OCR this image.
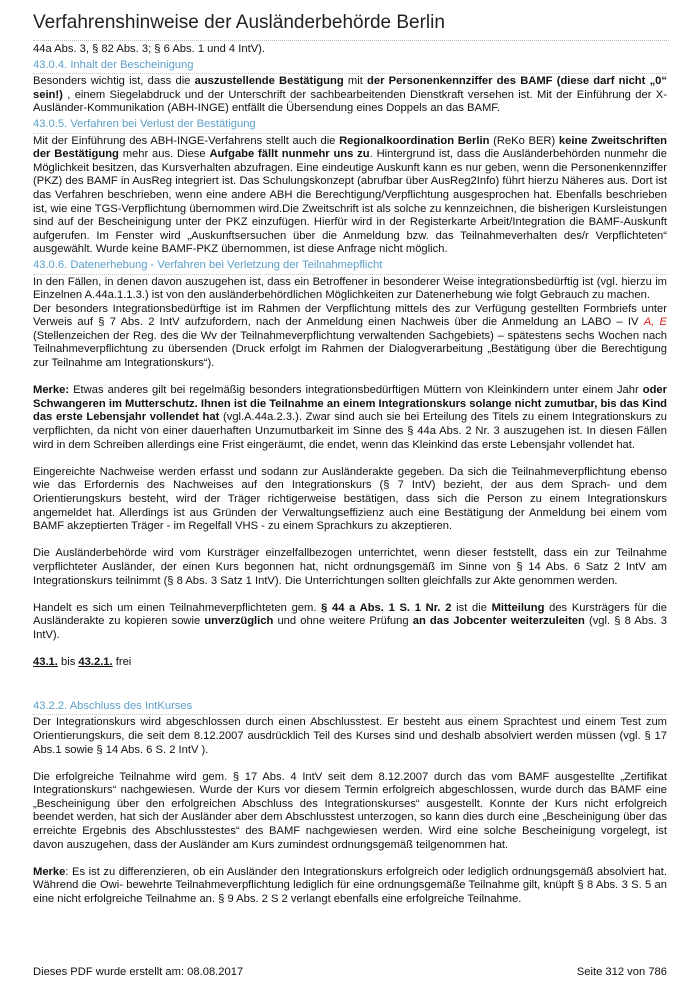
Verfahrenshinweise der Ausländerbehörde Berlin

44a Abs. 3, § 82 Abs. 3; § 6 Abs. 1 und 4 IntV).

43.0.4. Inhalt der Bescheinigung

Besonders wichtig ist, dass die auszustellende Bestätigung mit der Personenkennziffer des BAMF (diese darf nicht „0“ sein!) , einem Siegelabdruck und der Unterschrift der sachbearbeitenden Dienstkraft versehen ist. Mit der Einführung der X-Ausländer-Kommunikation (ABH-INGE) entfällt die Übersendung eines Doppels an das BAMF.

43.0.5. Verfahren bei Verlust der Bestätigung

Mit der Einführung des ABH-INGE-Verfahrens stellt auch die Regionalkoordination Berlin (ReKo BER) keine Zweitschriften der Bestätigung mehr aus. Diese Aufgabe fällt nunmehr uns zu. Hintergrund ist, dass die Ausländerbehörden nunmehr die Möglichkeit besitzen, das Kursverhalten abzufragen. Eine eindeutige Auskunft kann es nur geben, wenn die Personenkennziffer (PKZ) des BAMF in AusReg integriert ist. Das Schulungskonzept (abrufbar über AusReg2Info) führt hierzu Näheres aus. Dort ist das Verfahren beschrieben, wenn eine andere ABH die Berechtigung/Verpflichtung ausgesprochen hat. Ebenfalls beschrieben ist, wie eine TGS-Verpflichtung übernommen wird.Die Zweitschrift ist als solche zu kennzeichnen, die bisherigen Kursleistungen sind auf der Bescheinigung unter der PKZ einzufügen. Hierfür wird in der Registerkarte Arbeit/Integration die BAMF-Auskunft aufgerufen. Im Fenster wird „Auskunftsersuchen über die Anmeldung bzw. das Teilnahmeverhalten des/r Verpflichteten“ ausgewählt. Wurde keine BAMF-PKZ übernommen, ist diese Anfrage nicht möglich.

43.0.6. Datenerhebung - Verfahren bei Verletzung der Teilnahmepflicht

In den Fällen, in denen davon auszugehen ist, dass ein Betroffener in besonderer Weise integrationsbedürftig ist (vgl. hierzu im Einzelnen A.44a.1.1.3.) ist von den ausländerbehördlichen Möglichkeiten zur Datenerhebung wie folgt Gebrauch zu machen.

Der besonders Integrationsbedürftige ist im Rahmen der Verpflichtung mittels des zur Verfügung gestellten Formbriefs unter Verweis auf § 7 Abs. 2 IntV aufzufordern, nach der Anmeldung einen Nachweis über die Anmeldung an LABO – IV A, E (Stellenzeichen der Reg. des die Wv der Teilnahmeverpflichtung verwaltenden Sachgebiets) – spätestens sechs Wochen nach Teilnahmeverpflichtung zu übersenden (Druck erfolgt im Rahmen der Dialogverarbeitung „Bestätigung über die Berechtigung zur Teilnahme am Integrationskurs“).

Merke: Etwas anderes gilt bei regelmäßig besonders integrationsbedürftigen Müttern von Kleinkindern unter einem Jahr oder Schwangeren im Mutterschutz. Ihnen ist die Teilnahme an einem Integrationskurs solange nicht zumutbar, bis das Kind das erste Lebensjahr vollendet hat (vgl.A.44a.2.3.). Zwar sind auch sie bei Erteilung des Titels zu einem Integrationskurs zu verpflichten, da nicht von einer dauerhaften Unzumutbarkeit im Sinne des § 44a Abs. 2 Nr. 3 auszugehen ist. In diesen Fällen wird in dem Schreiben allerdings eine Frist eingeräumt, die endet, wenn das Kleinkind das erste Lebensjahr vollendet hat.

Eingereichte Nachweise werden erfasst und sodann zur Ausländerakte gegeben. Da sich die Teilnahmeverpflichtung ebenso wie das Erfordernis des Nachweises auf den Integrationskurs (§ 7 IntV) bezieht, der aus dem Sprach- und dem Orientierungskurs besteht, wird der Träger richtigerweise bestätigen, dass sich die Person zu einem Integrationskurs angemeldet hat. Allerdings ist aus Gründen der Verwaltungseffizienz auch eine Bestätigung der Anmeldung bei einem vom BAMF akzeptierten Träger - im Regelfall VHS - zu einem Sprachkurs zu akzeptieren.

Die Ausländerbehörde wird vom Kursträger einzelfallbezogen unterrichtet, wenn dieser feststellt, dass ein zur Teilnahme verpflichteter Ausländer, der einen Kurs begonnen hat, nicht ordnungsgemäß im Sinne von § 14 Abs. 6 Satz 2 IntV am Integrationskurs teilnimmt (§ 8 Abs. 3 Satz 1 IntV). Die Unterrichtungen sollten gleichfalls zur Akte genommen werden.

Handelt es sich um einen Teilnahmeverpflichteten gem. § 44 a Abs. 1 S. 1 Nr. 2 ist die Mitteilung des Kursträgers für die Ausländerakte zu kopieren sowie unverzüglich und ohne weitere Prüfung an das Jobcenter weiterzuleiten (vgl. § 8 Abs. 3 IntV).

43.1. bis 43.2.1. frei

43.2.2. Abschluss des IntKurses

Der Integrationskurs wird abgeschlossen durch einen Abschlusstest. Er besteht aus einem Sprachtest und einem Test zum Orientierungskurs, die seit dem 8.12.2007 ausdrücklich Teil des Kurses sind und deshalb absolviert werden müssen (vgl. § 17 Abs.1 sowie § 14 Abs. 6 S. 2 IntV ).

Die erfolgreiche Teilnahme wird gem. § 17 Abs. 4 IntV seit dem 8.12.2007 durch das vom BAMF ausgestellte „Zertifikat Integrationskurs“ nachgewiesen. Wurde der Kurs vor diesem Termin erfolgreich abgeschlossen, wurde durch das BAMF eine „Bescheinigung über den erfolgreichen Abschluss des Integrationskurses“ ausgestellt. Konnte der Kurs nicht erfolgreich beendet werden, hat sich der Ausländer aber dem Abschlusstest unterzogen, so kann dies durch eine „Bescheinigung über das erreichte Ergebnis des Abschlusstestes“ des BAMF nachgewiesen werden. Wird eine solche Bescheinigung vorgelegt, ist davon auszugehen, dass der Ausländer am Kurs zumindest ordnungsgemäß teilgenommen hat.

Merke: Es ist zu differenzieren, ob ein Ausländer den Integrationskurs erfolgreich oder lediglich ordnungsgemäß absolviert hat. Während die Owi- bewehrte Teilnahmeverpflichtung lediglich für eine ordnungsgemäße Teilnahme gilt, knüpft § 8 Abs. 3 S. 5 an eine nicht erfolgreiche Teilnahme an. § 9 Abs. 2 S 2 verlangt ebenfalls eine erfolgreiche Teilnahme.

Dieses PDF wurde erstellt am: 08.08.2017	Seite 312 von 786
